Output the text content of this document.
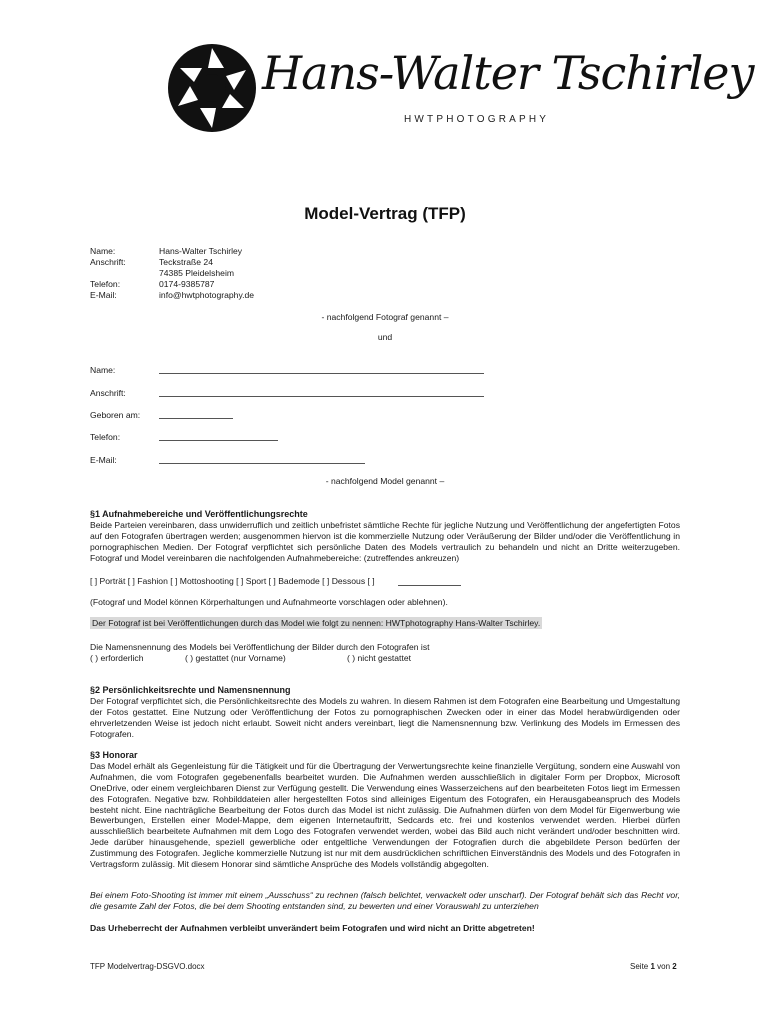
Hans-Walter Tschirley
HWTPHOTOGRAPHY
Model-Vertrag (TFP)
Name:	Hans-Walter Tschirley
Anschrift:	Teckstraße 24
74385 Pleidelsheim
Telefon:	0174-9385787
E-Mail:	info@hwtphotography.de
- nachfolgend Fotograf genannt –
und
Name:
Anschrift:
Geboren am:
Telefon:
E-Mail:
- nachfolgend Model genannt –
§1 Aufnahmebereiche und Veröffentlichungsrechte
Beide Parteien vereinbaren, dass unwiderruflich und zeitlich unbefristet sämtliche Rechte für jegliche Nutzung und Veröffentlichung der angefertigten Fotos auf den Fotografen übertragen werden; ausgenommen hiervon ist die kommerzielle Nutzung oder Veräußerung der Bilder und/oder die Veröffentlichung in pornographischen Medien. Der Fotograf verpflichtet sich persönliche Daten des Models vertraulich zu behandeln und nicht an Dritte weiterzugeben. Fotograf und Model vereinbaren die nachfolgenden Aufnahmebereiche: (zutreffendes ankreuzen)
[ ] Porträt [ ] Fashion [ ] Mottoshooting [ ] Sport [ ] Bademode [ ] Dessous [ ]
(Fotograf und Model können Körperhaltungen und Aufnahmeorte vorschlagen oder ablehnen).
Der Fotograf ist bei Veröffentlichungen durch das Model wie folgt zu nennen: HWTphotography Hans-Walter Tschirley.
Die Namensnennung des Models bei Veröffentlichung der Bilder durch den Fotografen ist
( ) erforderlich	( ) gestattet (nur Vorname)	( ) nicht gestattet
§2 Persönlichkeitsrechte und Namensnennung
Der Fotograf verpflichtet sich, die Persönlichkeitsrechte des Models zu wahren. In diesem Rahmen ist dem Fotografen eine Bearbeitung und Umgestaltung der Fotos gestattet. Eine Nutzung oder Veröffentlichung der Fotos zu pornographischen Zwecken oder in einer das Model herabwürdigenden oder ehrverletzenden Weise ist jedoch nicht erlaubt. Soweit nicht anders vereinbart, liegt die Namensnennung bzw. Verlinkung des Models im Ermessen des Fotografen.
§3 Honorar
Das Model erhält als Gegenleistung für die Tätigkeit und für die Übertragung der Verwertungsrechte keine finanzielle Vergütung, sondern eine Auswahl von Aufnahmen, die vom Fotografen gegebenenfalls bearbeitet wurden. Die Aufnahmen werden ausschließlich in digitaler Form per Dropbox, Microsoft OneDrive, oder einem vergleichbaren Dienst zur Verfügung gestellt. Die Verwendung eines Wasserzeichens auf den bearbeiteten Fotos liegt im Ermessen des Fotografen. Negative bzw. Rohbilddateien aller hergestellten Fotos sind alleiniges Eigentum des Fotografen, ein Herausgabeanspruch des Models besteht nicht. Eine nachträgliche Bearbeitung der Fotos durch das Model ist nicht zulässig. Die Aufnahmen dürfen von dem Model für Eigenwerbung wie Bewerbungen, Erstellen einer Model-Mappe, dem eigenen Internetauftritt, Sedcards etc. frei und kostenlos verwendet werden. Hierbei dürfen ausschließlich bearbeitete Aufnahmen mit dem Logo des Fotografen verwendet werden, wobei das Bild auch nicht verändert und/oder beschnitten wird. Jede darüber hinausgehende, speziell gewerbliche oder entgeltliche Verwendungen der Fotografien durch die abgebildete Person bedürfen der Zustimmung des Fotografen. Jegliche kommerzielle Nutzung ist nur mit dem ausdrücklichen schriftlichen Einverständnis des Models und des Fotografen in Vertragsform zulässig. Mit diesem Honorar sind sämtliche Ansprüche des Models vollständig abgegolten.
Bei einem Foto-Shooting ist immer mit einem „Ausschuss“ zu rechnen (falsch belichtet, verwackelt oder unscharf). Der Fotograf behält sich das Recht vor, die gesamte Zahl der Fotos, die bei dem Shooting entstanden sind, zu bewerten und einer Vorauswahl zu unterziehen
Das Urheberrecht der Aufnahmen verbleibt unverändert beim Fotografen und wird nicht an Dritte abgetreten!
TFP Modelvertrag-DSGVO.docx	Seite 1 von 2
